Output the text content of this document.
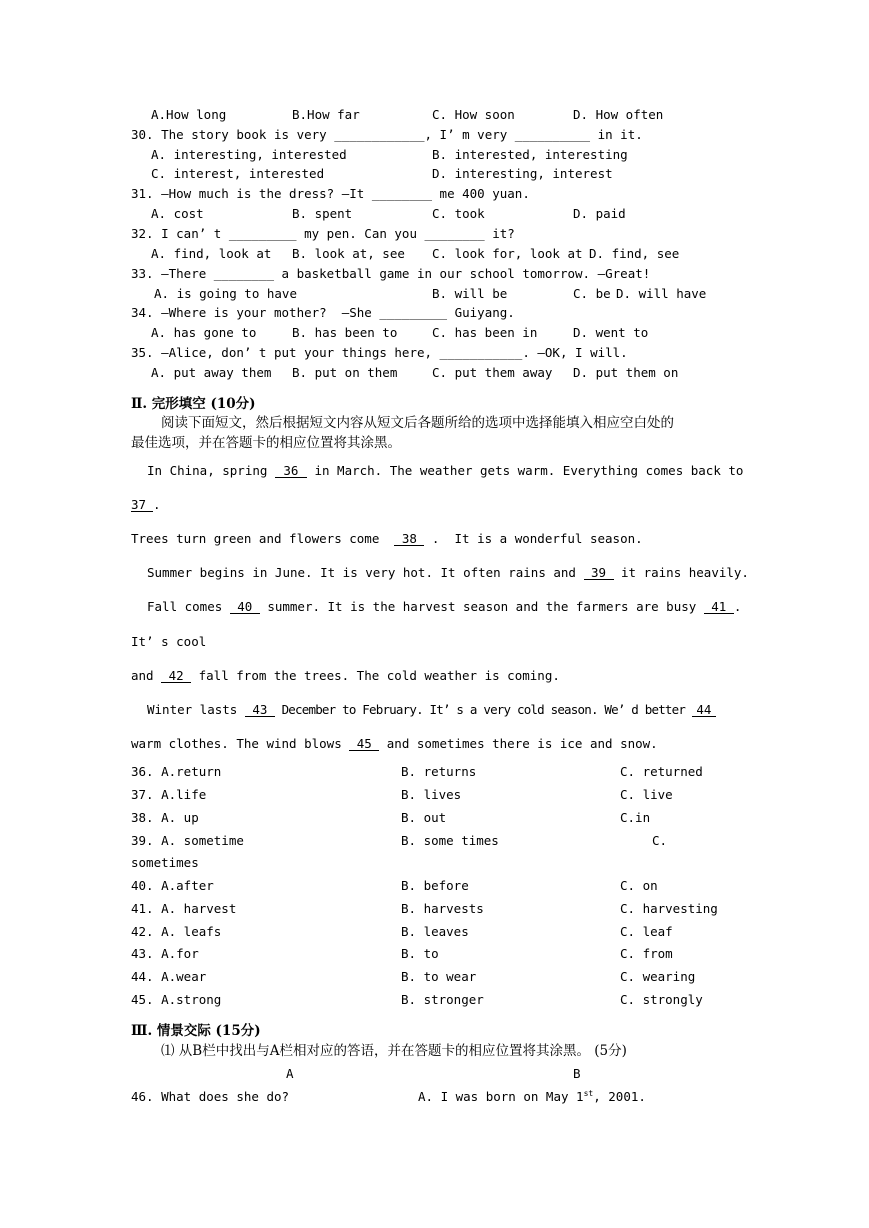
A.How long	B.How far	C. How soon	D. How often
30. The story book is very ____________, I’ m very __________ in it.
A. interesting, interested	B. interested, interesting
C. interest, interested	D. interesting, interest
31. —How much is the dress? —It ________ me 400 yuan.
A. cost	B. spent	C. took	D. paid
32. I can’ t _________ my pen. Can you ________ it?
A. find, look at B. look at, see C. look for, look at D. find, see
33. —There ________ a basketball game in our school tomorrow. —Great!
A. is going to have	B. will be	C. be D. will have
34. —Where is your mother?  —She _________ Guiyang.
A. has gone to	B. has been to	C. has been in	D. went to
35. —Alice, don’ t put your things here, ___________. —OK, I will.
A. put away them B. put on them	C. put them away D. put them on
Ⅱ. 完形填空 (10分)
阅读下面短文，然后根据短文内容从短文后各题所给的选项中选择能填入相应空白处的
最佳选项，并在答题卡的相应位置将其涂黑。
In China, spring 36 in March. The weather gets warm. Everything comes back to
37 .
Trees turn green and flowers come  38 .  It is a wonderful season.
Summer begins in June. It is very hot. It often rains and 39 it rains heavily.
Fall comes 40 summer. It is the harvest season and the farmers are busy 41 .
It’ s cool
and 42 fall from the trees. The cold weather is coming.
Winter lasts 43 December to February. It’ s a very cold season. We’ d better 44
warm clothes. The wind blows 45 and sometimes there is ice and snow.
36. A.return	B. returns	C. returned
37. A.life	B. lives	C. live
38. A. up	B. out	C.in
39. A. sometime	B. some times	C.
sometimes
40. A.after	B. before	C. on
41. A. harvest	B. harvests	C. harvesting
42. A. leafs	B. leaves	C. leaf
43. A.for	B. to	C. from
44. A.wear	B. to wear	C. wearing
45. A.strong	B. stronger	C. strongly
Ⅲ. 情景交际 (15分)
⑴ 从B栏中找出与A栏相对应的答语，并在答题卡的相应位置将其涂黑。 (5分)
A	B
46. What does she do?	A. I was born on May 1st, 2001.
